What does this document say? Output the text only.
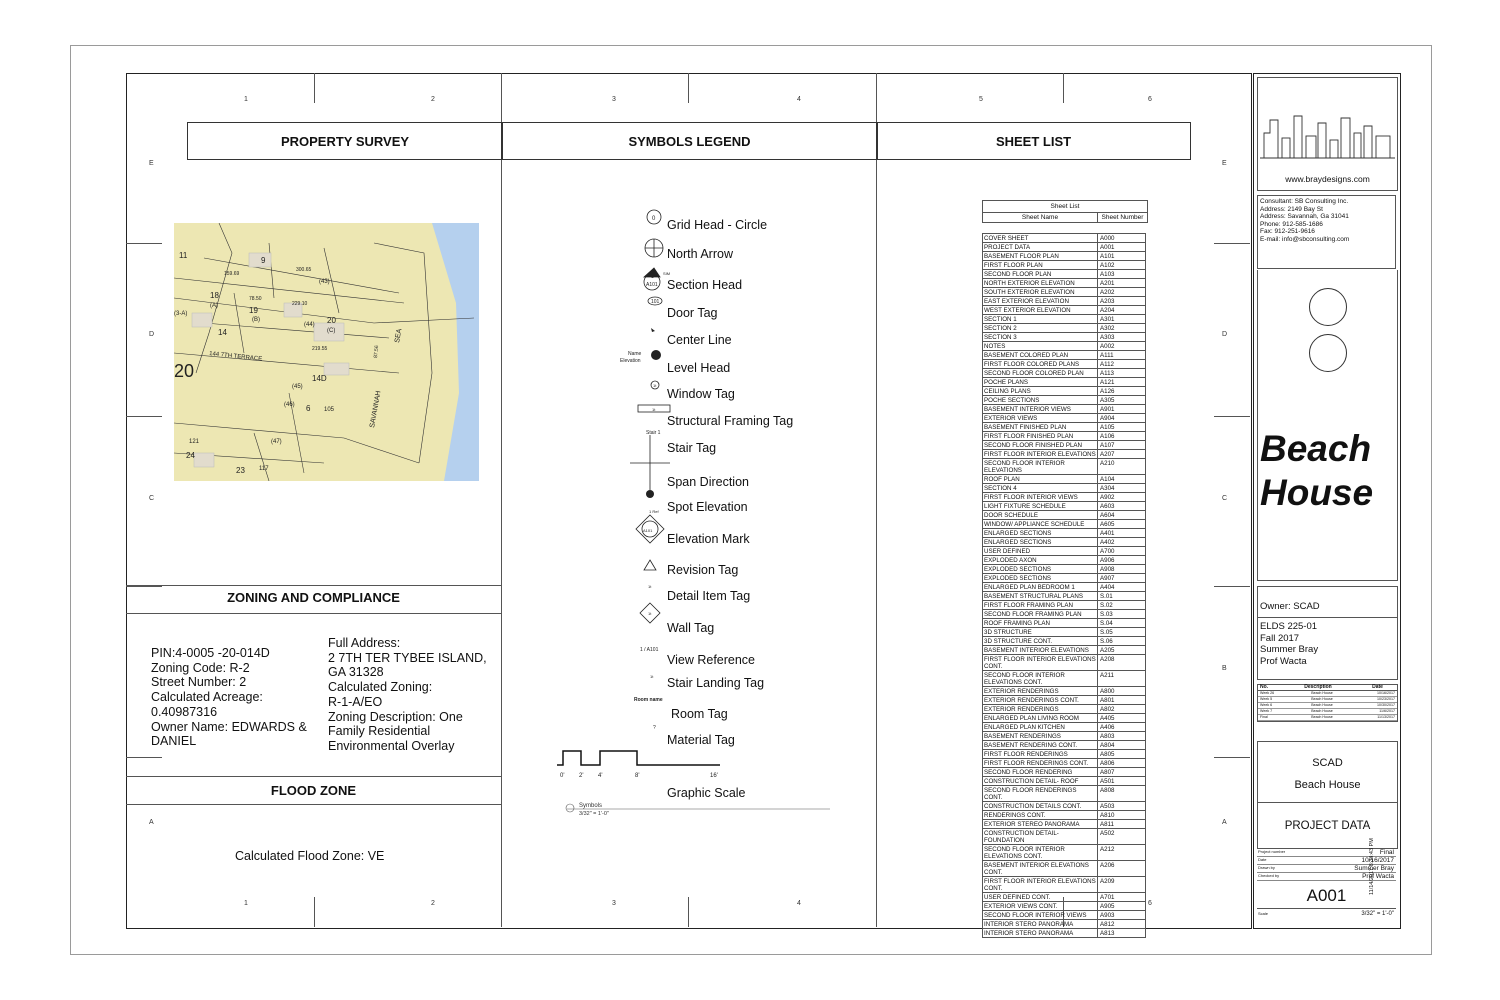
1	2	3	4	5	6
1	2	3	4	6
E
D
C
A
E
D
C
B
A
PROPERTY SURVEY	SYMBOLS LEGEND	SHEET LIST
11
9
18
(A)	19
(B)	20
(C)
14
14D
6
24
23
20
(3-A)
144 7TH TERRACE
SAVANNAH
SEA
(45)
(44)
(43)
(46)
(47)
121
117
105
300.65
229.10
219.55
159.69
78.50
87.56
ZONING AND COMPLIANCE
PIN:4-0005 -20-014D
Zoning Code: R-2
Street Number: 2
Calculated Acreage:
0.40987316
Owner Name: EDWARDS &
DANIEL
Full Address:
2 7TH TER TYBEE ISLAND,
GA 31328
Calculated Zoning:
R-1-A/EO
Zoning Description: One
Family Residential
Environmental Overlay
FLOOD ZONE
Calculated Flood Zone: VE
0
1
A101
SIM
101
Name
Elevation
1t
1t
Stair 1
A101
1 Ref
1t
1t
1 / A101
1t
Room name
?
Grid Head - Circle
North Arrow
Section Head
Door Tag
Center Line
Level Head
Window Tag
Structural Framing Tag
Stair Tag
Span Direction
Spot Elevation
Elevation Mark
Revision Tag
Detail Item Tag
Wall Tag
View Reference
Stair Landing Tag
Room Tag
Material Tag
Graphic Scale
0' 2' 4'	8'	16'
Symbols
3/32" = 1'-0"
Sheet List
Sheet Name	Sheet Number
COVER SHEET	A000
PROJECT DATA	A001
BASEMENT FLOOR PLAN	A101
FIRST FLOOR PLAN	A102
SECOND FLOOR PLAN	A103
NORTH EXTERIOR ELEVATION	A201
SOUTH EXTERIOR ELEVATION	A202
EAST EXTERIOR ELEVATION	A203
WEST EXTERIOR ELEVATION	A204
SECTION 1	A301
SECTION 2	A302
SECTION 3	A303
NOTES	A002
BASEMENT COLORED PLAN	A111
FIRST FLOOR COLORED PLANS	A112
SECOND FLOOR COLORED PLAN	A113
POCHE PLANS	A121
CEILING PLANS	A126
POCHE SECTIONS	A305
BASEMENT INTERIOR VIEWS	A901
EXTERIOR VIEWS	A904
BASEMENT FINISHED PLAN	A105
FIRST FLOOR FINISHED PLAN	A106
SECOND FLOOR FINISHED PLAN	A107
FIRST FLOOR INTERIOR ELEVATIONS A207
SECOND FLOOR INTERIOR ELEVATIONS
A210
ROOF PLAN	A104
SECTION 4	A304
FIRST FLOOR INTERIOR VIEWS	A902
LIGHT FIXTURE SCHEDULE	A603
DOOR SCHEDULE	A604
WINDOW/ APPLIANCE SCHEDULE	A605
ENLARGED SECTIONS	A401
ENLARGED SECTIONS	A402
USER DEFINED	A700
EXPLODED AXON	A906
EXPLODED SECTIONS	A908
EXPLODED SECTIONS	A907
ENLARGED PLAN BEDROOM 1	A404
BASEMENT STRUCTURAL PLANS	S.01
FIRST FLOOR FRAMING PLAN	S.02
SECOND FLOOR FRAMING PLAN	S.03
ROOF FRAMING PLAN	S.04
3D STRUCTURE	S.05
3D STRUCTURE CONT.	S.06
BASEMENT INTERIOR ELEVATIONS	A205
FIRST FLOOR INTERIOR ELEVATIONS CONT.
A208
SECOND FLOOR INTERIOR ELEVATIONS CONT.
A211
EXTERIOR RENDERINGS	A800
EXTERIOR RENDERINGS CONT.	A801
EXTERIOR RENDERINGS	A802
ENLARGED PLAN LIVING ROOM	A405
ENLARGED PLAN KITCHEN	A406
BASEMENT RENDERINGS	A803
BASEMENT RENDERING CONT.	A804
FIRST FLOOR RENDERINGS	A805
FIRST FLOOR RENDERINGS CONT.	A806
SECOND FLOOR RENDERING	A807
CONSTRUCTION DETAIL- ROOF	A501
SECOND FLOOR RENDERINGS CONT.
A808
CONSTRUCTION DETAILS CONT.	A503
RENDERINGS CONT.	A810
EXTERIOR STEREO PANORAMA	A811
CONSTRUCTION DETAIL- FOUNDATION
A502
SECOND FLOOR INTERIOR ELEVATIONS CONT.
A212
BASEMENT INTERIOR ELEVATIONS CONT.
A206
FIRST FLOOR INTERIOR ELEVATIONS CONT.
A209
USER DEFINED CONT.	A701
EXTERIOR VIEWS CONT.	A905
SECOND FLOOR INTERIOR VIEWS	A903
INTERIOR STERO PANORAMA	A812
INTERIOR STERO PANORAMA	A813
www.braydesigns.com
Consultant: SB Consulting Inc.
Address: 2149 Bay St
Address: Savannah, Ga 31041
Phone: 912-585-1686
Fax: 912-251-9616
E-mail: info@sbconsulting.com
Beach
House
Owner: SCAD
ELDS 225-01
Fall 2017
Summer Bray
Prof Wacta
No.	Description	Date
Week 26	Beach House	10/16/2017
Week 5	Beach House	10/23/2017
Week 6	Beach House	10/30/2017
Week 7	Beach House	11/6/2017
Final	Beach House	11/13/2017
SCAD
Beach House
PROJECT DATA
Project number	Final
Date	10/16/2017
Drawn by	Summer Bray
Checked by	Prof Wacta
A001
Scale	3/32" = 1'-0"
11/14/2017 8:34:43 PM
